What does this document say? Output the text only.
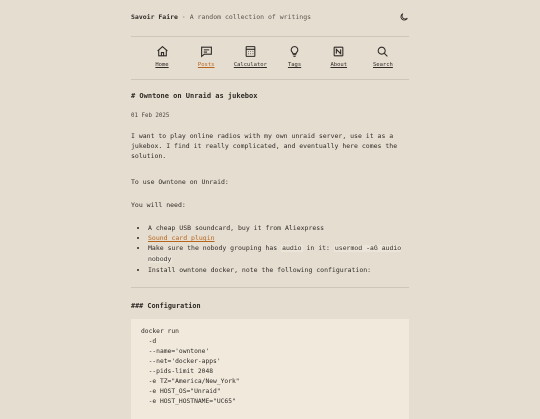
Savoir Faire · A random collection of writings
Home	Posts	Calculator	Tags	About	Search
# Owntone on Unraid as jukebox
01 Feb 2025
I want to play online radios with my own unraid server, use it as a jukebox. I find it really complicated, and eventually here comes the solution.
To use Owntone on Unraid:
You will need:
• A cheap USB soundcard, buy it from Aliexpress
• Sound card plugin
• Make sure the nobody grouping has audio in it: usermod -aG audio nobody
• Install owntone docker, note the following configuration:
### Configuration
docker run
-d
--name='owntone'
--net='docker-apps'
--pids-limit 2048
-e TZ="America/New_York"
-e HOST_OS="Unraid"
-e HOST_HOSTNAME="UC65"
